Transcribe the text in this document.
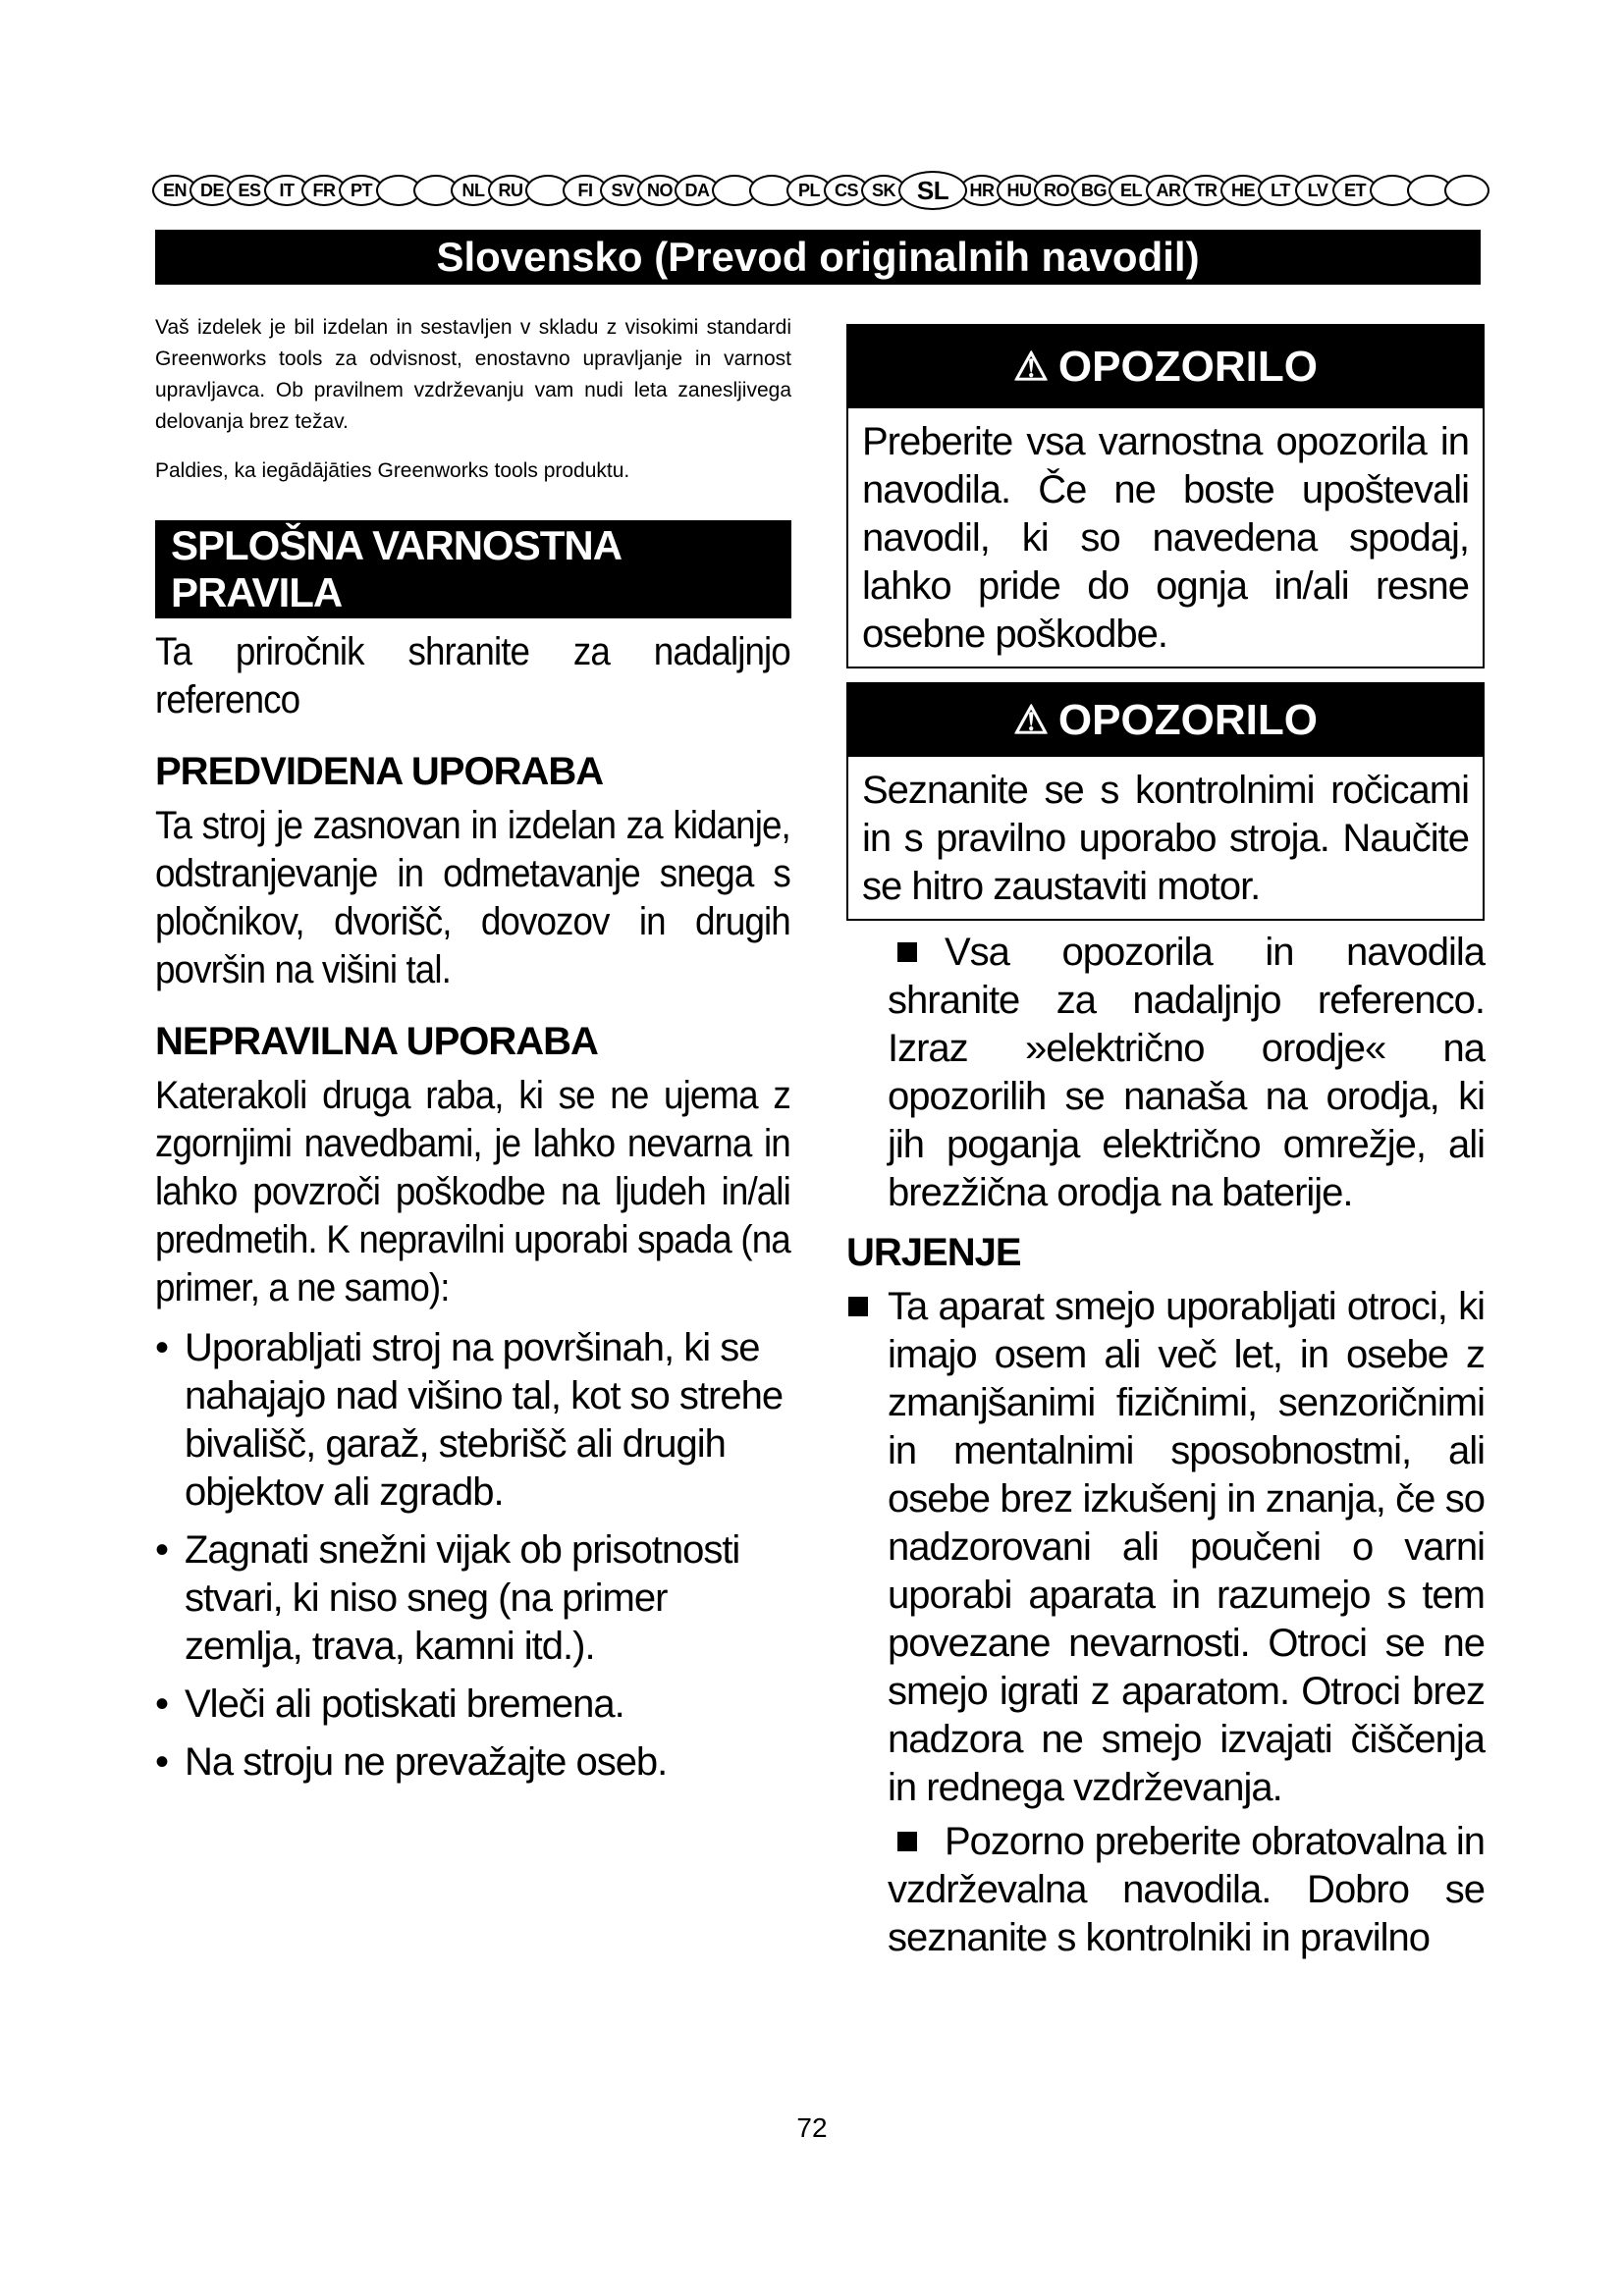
EN DE ES	IT	FR PT	NL RU	FI	SV NO DA	PL CS SK SL	HR HU RO BG EL AR TR HE LT LV ET
Slovensko (Prevod originalnih navodil)

Vaš izdelek je bil izdelan in sestavljen v skladu z visokimi standardi Greenworks tools za odvisnost, enostavno upravljanje in varnost upravljavca. Ob pravilnem vzdrževanju vam nudi leta zanesljivega delovanja brez težav.

Paldies, ka iegādājāties Greenworks tools produktu.

SPLOŠNA VARNOSTNA PRAVILA

Ta priročnik shranite za nadaljnjo referenco

PREDVIDENA UPORABA

Ta stroj je zasnovan in izdelan za kidanje, odstranjevanje in odmetavanje snega s pločnikov, dvorišč, dovozov in drugih površin na višini tal.

NEPRAVILNA UPORABA

Katerakoli druga raba, ki se ne ujema z zgornjimi navedbami, je lahko nevarna in lahko povzroči poškodbe na ljudeh in/ali predmetih. K nepravilni uporabi spada (na primer, a ne samo):

• Uporabljati stroj na površinah, ki se nahajajo nad višino tal, kot so strehe bivališč, garaž, stebrišč ali drugih objektov ali zgradb.
• Zagnati snežni vijak ob prisotnosti stvari, ki niso sneg (na primer zemlja, trava, kamni itd.).
• Vleči ali potiskati bremena.
• Na stroju ne prevažajte oseb.
⚠ OPOZORILO
Preberite vsa varnostna opozorila in navodila. Če ne boste upoštevali navodil, ki so navedena spodaj, lahko pride do ognja in/ali resne osebne poškodbe.
⚠ OPOZORILO
Seznanite se s kontrolnimi ročicami in s pravilno uporabo stroja. Naučite se hitro zaustaviti motor.
Vsa opozorila in navodila shranite za nadaljnjo referenco. Izraz »električno orodje« na opozorilih se nanaša na orodja, ki jih poganja električno omrežje, ali brezžična orodja na baterije.
URJENJE
Ta aparat smejo uporabljati otroci, ki imajo osem ali več let, in osebe z zmanjšanimi fizičnimi, senzoričnimi in mentalnimi sposobnostmi, ali osebe brez izkušenj in znanja, če so nadzorovani ali poučeni o varni uporabi aparata in razumejo s tem povezane nevarnosti. Otroci se ne smejo igrati z aparatom. Otroci brez nadzora ne smejo izvajati čiščenja in rednega vzdrževanja.
Pozorno preberite obratovalna in vzdrževalna navodila. Dobro se seznanite s kontrolniki in pravilno
72
